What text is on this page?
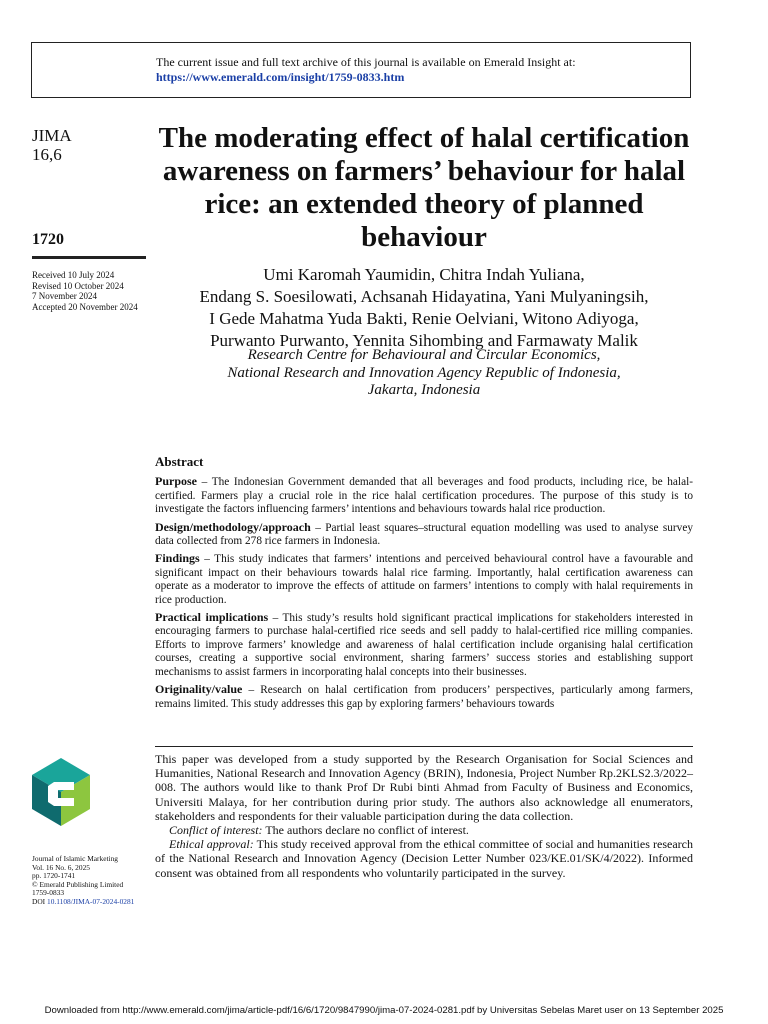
The current issue and full text archive of this journal is available on Emerald Insight at:
https://www.emerald.com/insight/1759-0833.htm
JIMA
16,6
1720
Received 10 July 2024
Revised 10 October 2024
7 November 2024
Accepted 20 November 2024
The moderating effect of halal certification awareness on farmers’ behaviour for halal rice: an extended theory of planned behaviour
Umi Karomah Yaumidin, Chitra Indah Yuliana,
Endang S. Soesilowati, Achsanah Hidayatina, Yani Mulyaningsih,
I Gede Mahatma Yuda Bakti, Renie Oelviani, Witono Adiyoga,
Purwanto Purwanto, Yennita Sihombing and Farmawaty Malik
Research Centre for Behavioural and Circular Economics,
National Research and Innovation Agency Republic of Indonesia,
Jakarta, Indonesia
Abstract

Purpose – The Indonesian Government demanded that all beverages and food products, including rice, be halal-certified. Farmers play a crucial role in the rice halal certification procedures. The purpose of this study is to investigate the factors influencing farmers’ intentions and behaviours towards halal rice production.

Design/methodology/approach – Partial least squares–structural equation modelling was used to analyse survey data collected from 278 rice farmers in Indonesia.

Findings – This study indicates that farmers’ intentions and perceived behavioural control have a favourable and significant impact on their behaviours towards halal rice farming. Importantly, halal certification awareness can operate as a moderator to improve the effects of attitude on farmers’ intentions to comply with halal requirements in rice production.

Practical implications – This study’s results hold significant practical implications for stakeholders interested in encouraging farmers to purchase halal-certified rice seeds and sell paddy to halal-certified rice milling companies. Efforts to improve farmers’ knowledge and awareness of halal certification include organising halal certification courses, creating a supportive social environment, sharing farmers’ success stories and establishing support mechanisms to assist farmers in incorporating halal concepts into their businesses.

Originality/value – Research on halal certification from producers’ perspectives, particularly among farmers, remains limited. This study addresses this gap by exploring farmers’ behaviours towards

This paper was developed from a study supported by the Research Organisation for Social Sciences and Humanities, National Research and Innovation Agency (BRIN), Indonesia, Project Number Rp.2KLS2.3/2022–008. The authors would like to thank Prof Dr Rubi binti Ahmad from Faculty of Business and Economics, Universiti Malaya, for her contribution during prior study. The authors also acknowledge all enumerators, stakeholders and respondents for their valuable participation during the data collection.

Conflict of interest: The authors declare no conflict of interest.

Ethical approval: This study received approval from the ethical committee of social and humanities research of the National Research and Innovation Agency (Decision Letter Number 023/KE.01/SK/4/2022). Informed consent was obtained from all respondents who voluntarily participated in the survey.

Journal of Islamic Marketing
Vol. 16 No. 6, 2025
pp. 1720-1741
© Emerald Publishing Limited
1759-0833
DOI 10.1108/JIMA-07-2024-0281
Downloaded from http://www.emerald.com/jima/article-pdf/16/6/1720/9847990/jima-07-2024-0281.pdf by Universitas Sebelas Maret user on 13 September 2025
